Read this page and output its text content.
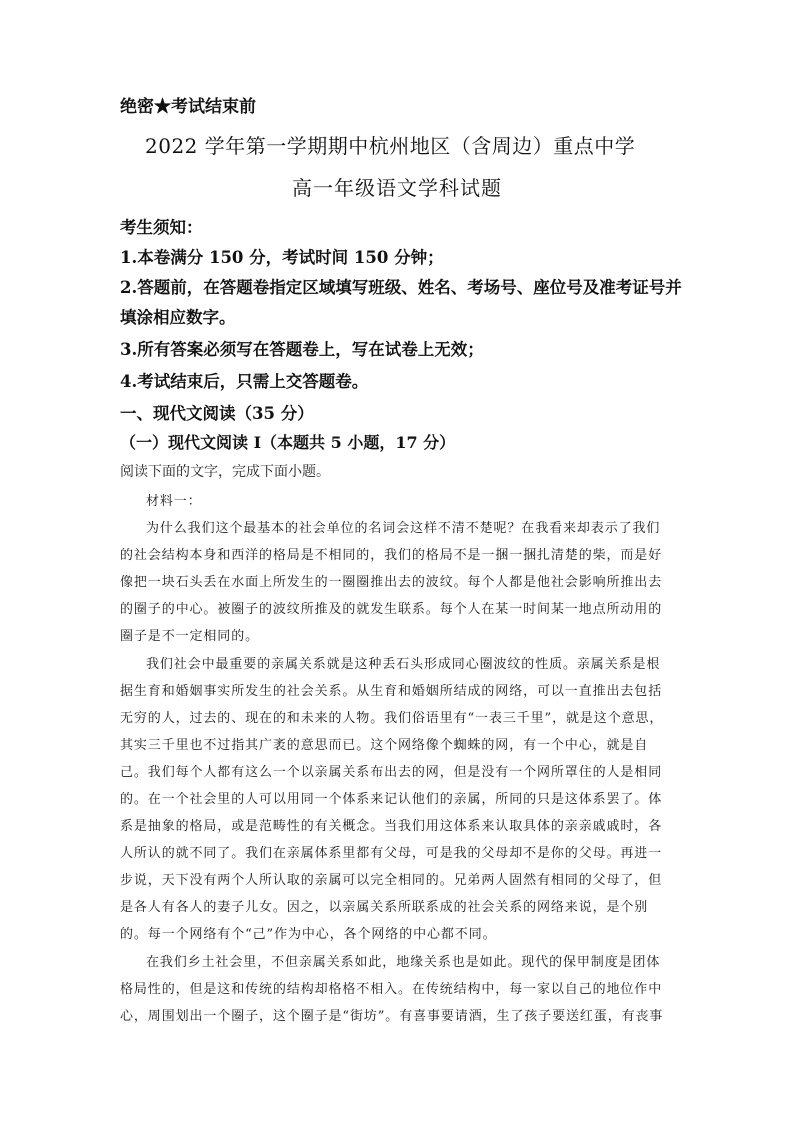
绝密★考试结束前
2022 学年第一学期期中杭州地区（含周边）重点中学
高一年级语文学科试题
考生须知：
1.本卷满分 150 分，考试时间 150 分钟；
2.答题前，在答题卷指定区域填写班级、姓名、考场号、座位号及准考证号并
填涂相应数字。
3.所有答案必须写在答题卷上，写在试卷上无效；
4.考试结束后，只需上交答题卷。
一、现代文阅读（35 分）
（一）现代文阅读 I（本题共 5 小题，17 分）
阅读下面的文字，完成下面小题。
材料一：
为什么我们这个最基本的社会单位的名词会这样不清不楚呢？在我看来却表示了我们
的社会结构本身和西洋的格局是不相同的，我们的格局不是一捆一捆扎清楚的柴，而是好
像把一块石头丢在水面上所发生的一圈圈推出去的波纹。每个人都是他社会影响所推出去
的圈子的中心。被圈子的波纹所推及的就发生联系。每个人在某一时间某一地点所动用的
圈子是不一定相同的。
我们社会中最重要的亲属关系就是这种丢石头形成同心圈波纹的性质。亲属关系是根
据生育和婚姻事实所发生的社会关系。从生育和婚姻所结成的网络，可以一直推出去包括
无穷的人，过去的、现在的和未来的人物。我们俗语里有“一表三千里”，就是这个意思，
其实三千里也不过指其广袤的意思而已。这个网络像个蜘蛛的网，有一个中心，就是自
己。我们每个人都有这么一个以亲属关系布出去的网，但是没有一个网所罩住的人是相同
的。在一个社会里的人可以用同一个体系来记认他们的亲属，所同的只是这体系罢了。体
系是抽象的格局，或是范畴性的有关概念。当我们用这体系来认取具体的亲亲戚戚时，各
人所认的就不同了。我们在亲属体系里都有父母，可是我的父母却不是你的父母。再进一
步说，天下没有两个人所认取的亲属可以完全相同的。兄弟两人固然有相同的父母了，但
是各人有各人的妻子儿女。因之，以亲属关系所联系成的社会关系的网络来说，是个别
的。每一个网络有个“己”作为中心，各个网络的中心都不同。
在我们乡土社会里，不但亲属关系如此，地缘关系也是如此。现代的保甲制度是团体
格局性的，但是这和传统的结构却格格不相入。在传统结构中，每一家以自己的地位作中
心，周围划出一个圈子，这个圈子是“街坊”。有喜事要请酒，生了孩子要送红蛋，有丧事
